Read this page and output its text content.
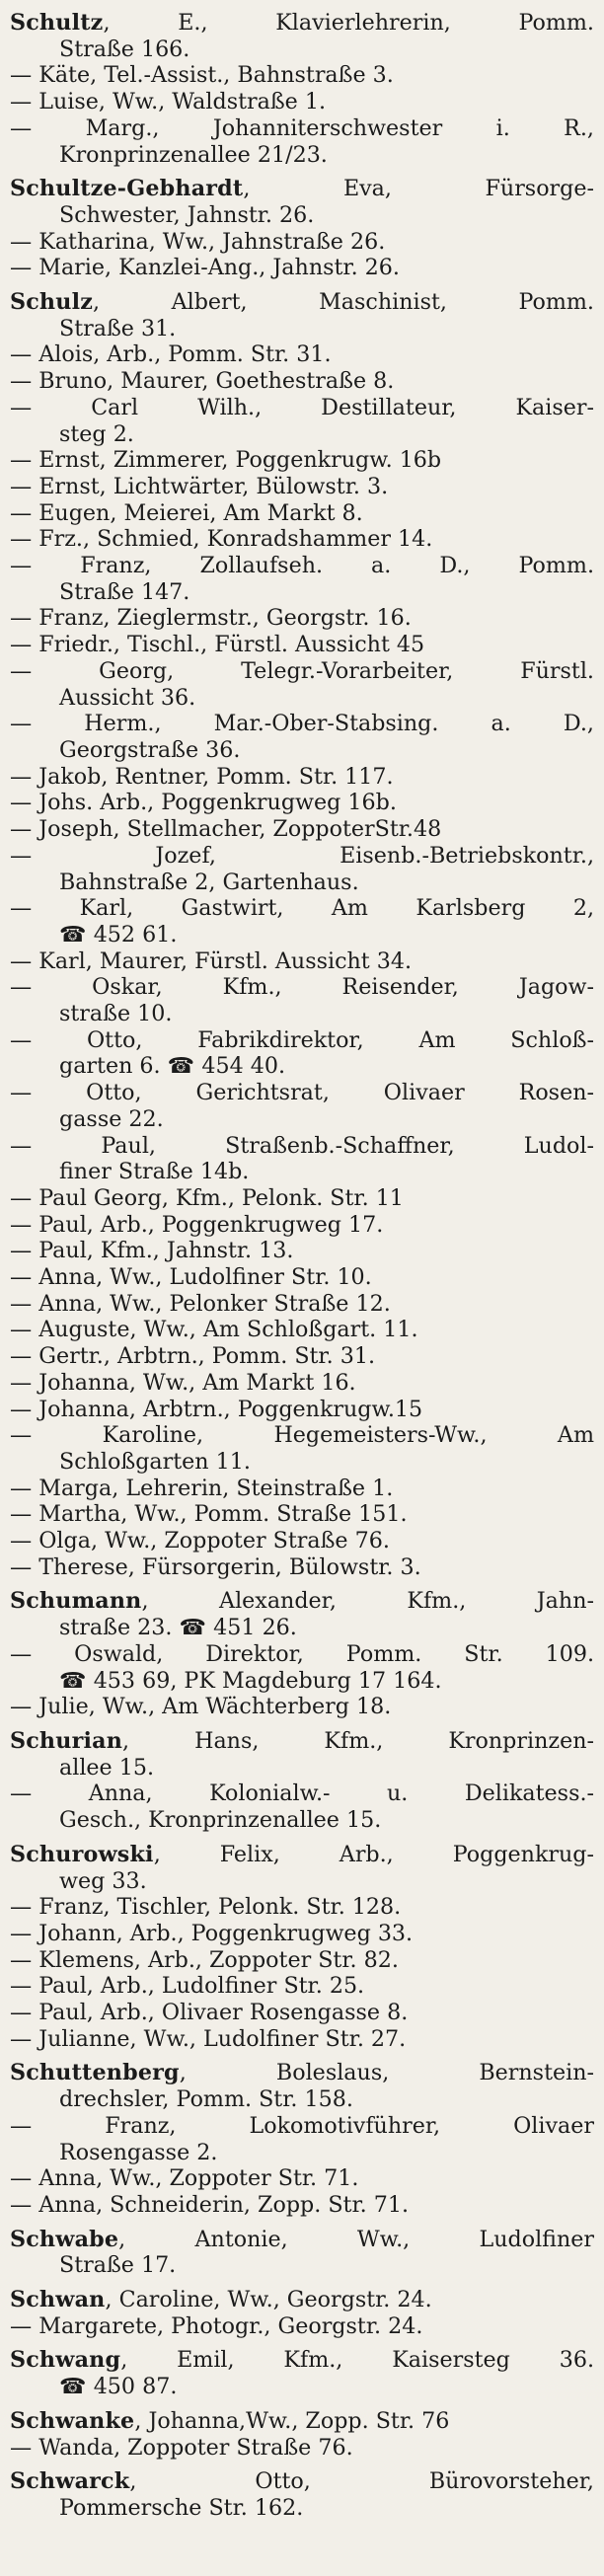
Schultz, E., Klavierlehrerin, Pomm.
Straße 166.
— Käte, Tel.-Assist., Bahnstraße 3.
— Luise, Ww., Waldstraße 1.
— Marg., Johanniterschwester i. R.,
Kronprinzenallee 21/23.
Schultze-Gebhardt, Eva, Fürsorge-
Schwester, Jahnstr. 26.
— Katharina, Ww., Jahnstraße 26.
— Marie, Kanzlei-Ang., Jahnstr. 26.
Schulz, Albert, Maschinist, Pomm.
Straße 31.
— Alois, Arb., Pomm. Str. 31.
— Bruno, Maurer, Goethestraße 8.
— Carl Wilh., Destillateur, Kaiser-
steg 2.
— Ernst, Zimmerer, Poggenkrugw. 16b
— Ernst, Lichtwärter, Bülowstr. 3.
— Eugen, Meierei, Am Markt 8.
— Frz., Schmied, Konradshammer 14.
— Franz, Zollaufseh. a. D., Pomm.
Straße 147.
— Franz, Zieglermstr., Georgstr. 16.
— Friedr., Tischl., Fürstl. Aussicht 45
— Georg, Telegr.-Vorarbeiter, Fürstl.
Aussicht 36.
— Herm., Mar.-Ober-Stabsing. a. D.,
Georgstraße 36.
— Jakob, Rentner, Pomm. Str. 117.
— Johs. Arb., Poggenkrugweg 16b.
— Joseph, Stellmacher, ZoppoterStr.48
— Jozef, Eisenb.-Betriebskontr.,
Bahnstraße 2, Gartenhaus.
— Karl, Gastwirt, Am Karlsberg 2,
☎ 452 61.
— Karl, Maurer, Fürstl. Aussicht 34.
— Oskar, Kfm., Reisender, Jagow-
straße 10.
— Otto, Fabrikdirektor, Am Schloß-
garten 6. ☎ 454 40.
— Otto, Gerichtsrat, Olivaer Rosen-
gasse 22.
— Paul, Straßenb.-Schaffner, Ludol-
finer Straße 14b.
— Paul Georg, Kfm., Pelonk. Str. 11
— Paul, Arb., Poggenkrugweg 17.
— Paul, Kfm., Jahnstr. 13.
— Anna, Ww., Ludolfiner Str. 10.
— Anna, Ww., Pelonker Straße 12.
— Auguste, Ww., Am Schloßgart. 11.
— Gertr., Arbtrn., Pomm. Str. 31.
— Johanna, Ww., Am Markt 16.
— Johanna, Arbtrn., Poggenkrugw.15
— Karoline, Hegemeisters-Ww., Am
Schloßgarten 11.
— Marga, Lehrerin, Steinstraße 1.
— Martha, Ww., Pomm. Straße 151.
— Olga, Ww., Zoppoter Straße 76.
— Therese, Fürsorgerin, Bülowstr. 3.
Schumann, Alexander, Kfm., Jahn-
straße 23. ☎ 451 26.
— Oswald, Direktor, Pomm. Str. 109.
☎ 453 69, PK Magdeburg 17 164.
— Julie, Ww., Am Wächterberg 18.
Schurian, Hans, Kfm., Kronprinzen-
allee 15.
— Anna, Kolonialw.- u. Delikatess.-
Gesch., Kronprinzenallee 15.
Schurowski, Felix, Arb., Poggenkrug-
weg 33.
— Franz, Tischler, Pelonk. Str. 128.
— Johann, Arb., Poggenkrugweg 33.
— Klemens, Arb., Zoppoter Str. 82.
— Paul, Arb., Ludolfiner Str. 25.
— Paul, Arb., Olivaer Rosengasse 8.
— Julianne, Ww., Ludolfiner Str. 27.
Schuttenberg, Boleslaus, Bernstein-
drechsler, Pomm. Str. 158.
— Franz, Lokomotivführer, Olivaer
Rosengasse 2.
— Anna, Ww., Zoppoter Str. 71.
— Anna, Schneiderin, Zopp. Str. 71.
Schwabe, Antonie, Ww., Ludolfiner
Straße 17.
Schwan, Caroline, Ww., Georgstr. 24.
— Margarete, Photogr., Georgstr. 24.
Schwang, Emil, Kfm., Kaisersteg 36.
☎ 450 87.
Schwanke, Johanna,Ww., Zopp. Str. 76
— Wanda, Zoppoter Straße 76.
Schwarck, Otto, Bürovorsteher,
Pommersche Str. 162.
